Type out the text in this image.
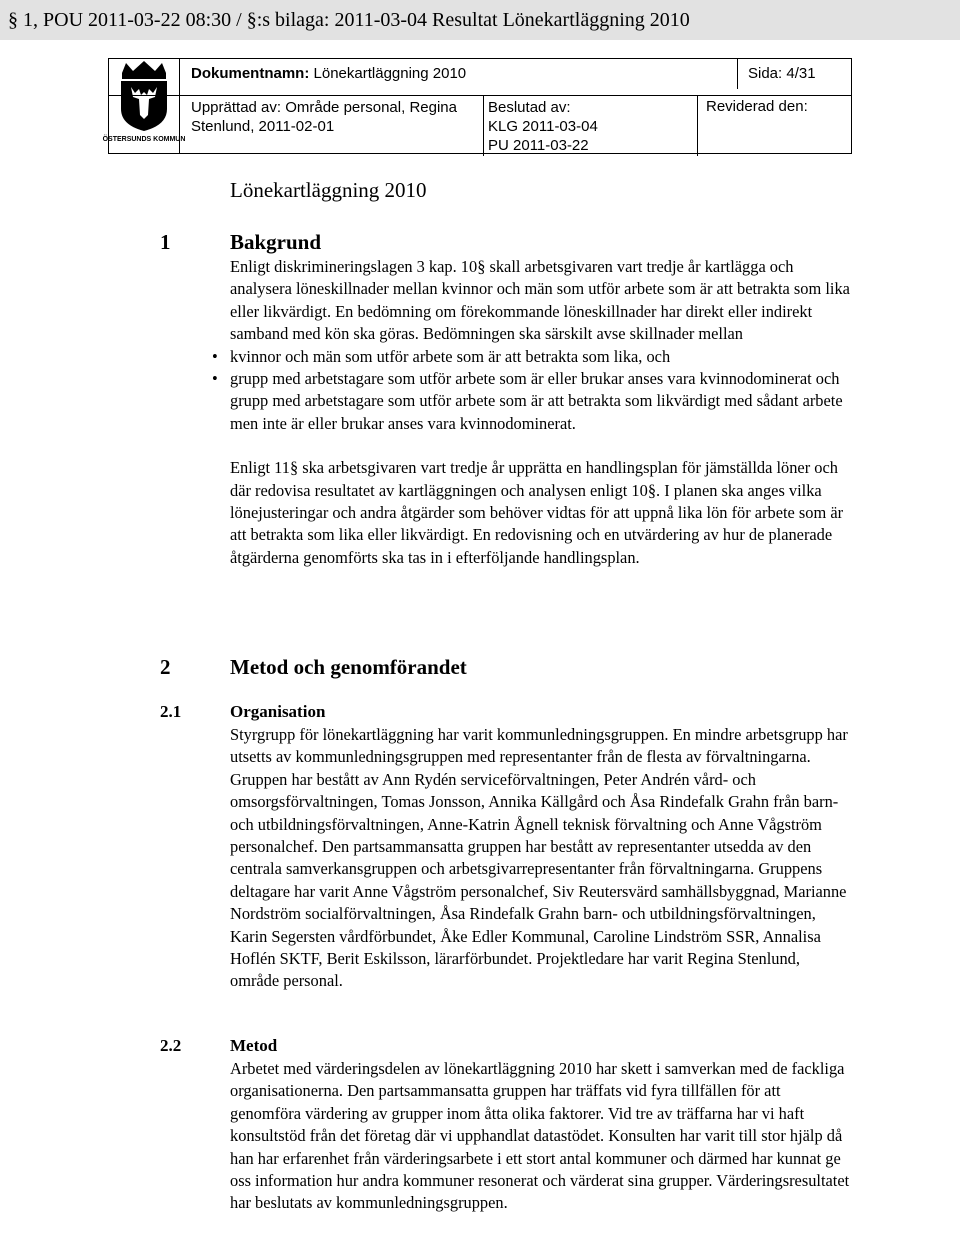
§ 1, POU 2011-03-22 08:30 / §:s bilaga: 2011-03-04 Resultat Lönekartläggning 2010
ÖSTERSUNDS KOMMUN
Dokumentnamn: Lönekartläggning 2010	Sida: 4/31
Upprättad av: Område personal, Regina Stenlund, 2011-02-01
Beslutad av:
KLG 2011-03-04
PU 2011-03-22
Reviderad den:
Lönekartläggning 2010
1	Bakgrund

Enligt diskrimineringslagen 3 kap. 10§ skall arbetsgivaren vart tredje år kartlägga och analysera löneskillnader mellan kvinnor och män som utför arbete som är att betrakta som lika eller likvärdigt. En bedömning om förekommande löneskillnader har direkt eller indirekt samband med kön ska göras. Bedömningen ska särskilt avse skillnader mellan

• kvinnor och män som utför arbete som är att betrakta som lika, och
• grupp med arbetstagare som utför arbete som är eller brukar anses vara kvinnodominerat och grupp med arbetstagare som utför arbete som är att betrakta som likvärdigt med sådant arbete men inte är eller brukar anses vara kvinnodominerat.

Enligt 11§ ska arbetsgivaren vart tredje år upprätta en handlingsplan för jämställda löner och där redovisa resultatet av kartläggningen och analysen enligt 10§. I planen ska anges vilka lönejusteringar och andra åtgärder som behöver vidtas för att uppnå lika lön för arbete som är att betrakta som lika eller likvärdigt. En redovisning och en utvärdering av hur de planerade åtgärderna genomförts ska tas in i efterföljande handlingsplan.

2	Metod och genomförandet
2.1	Organisation
Styrgrupp för lönekartläggning har varit kommunledningsgruppen. En mindre arbetsgrupp har utsetts av kommunledningsgruppen med representanter från de flesta av förvaltningarna. Gruppen har bestått av Ann Rydén serviceförvaltningen, Peter Andrén vård- och omsorgsförvaltningen, Tomas Jonsson, Annika Källgård och Åsa Rindefalk Grahn från barn- och utbildningsförvaltningen, Anne-Katrin Ågnell teknisk förvaltning och Anne Vågström personalchef. Den partsammansatta gruppen har bestått av representanter utsedda av den centrala samverkansgruppen och arbetsgivarrepresentanter från förvaltningarna. Gruppens deltagare har varit Anne Vågström personalchef, Siv Reutersvärd samhällsbyggnad, Marianne Nordström socialförvaltningen, Åsa Rindefalk Grahn barn- och utbildningsförvaltningen, Karin Segersten vårdförbundet, Åke Edler Kommunal, Caroline Lindström SSR, Annalisa Hoflén SKTF, Berit Eskilsson, lärarförbundet. Projektledare har varit Regina Stenlund, område personal.
2.2	Metod
Arbetet med värderingsdelen av lönekartläggning 2010 har skett i samverkan med de fackliga organisationerna. Den partsammansatta gruppen har träffats vid fyra tillfällen för att genomföra värdering av grupper inom åtta olika faktorer. Vid tre av träffarna har vi haft konsultstöd från det företag där vi upphandlat datastödet. Konsulten har varit till stor hjälp då han har erfarenhet från värderingsarbete i ett stort antal kommuner och därmed har kunnat ge oss information hur andra kommuner resonerat och värderat sina grupper. Värderingsresultatet har beslutats av kommunledningsgruppen.
